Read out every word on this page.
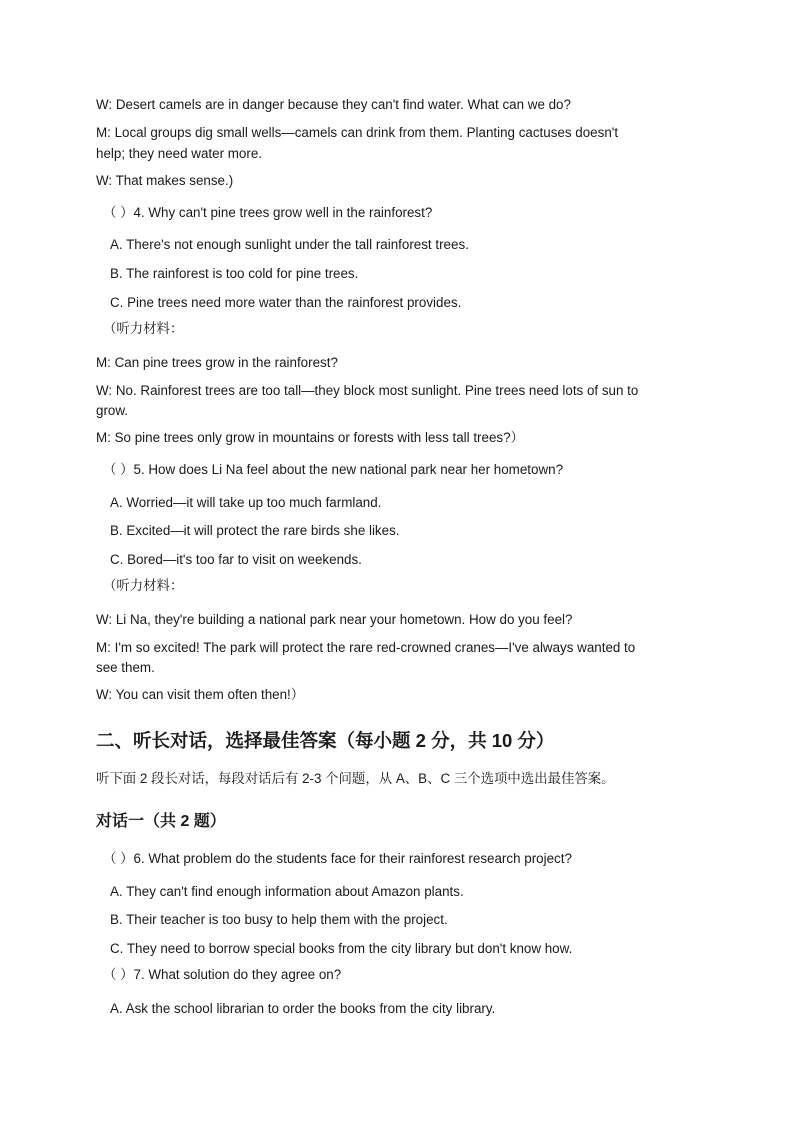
W: Desert camels are in danger because they can't find water. What can we do?
M: Local groups dig small wells—camels can drink from them. Planting cactuses doesn't
help; they need water more.
W: That makes sense.)
（ ）4. Why can't pine trees grow well in the rainforest?
A. There's not enough sunlight under the tall rainforest trees.
B. The rainforest is too cold for pine trees.
C. Pine trees need more water than the rainforest provides.
（听力材料：
M: Can pine trees grow in the rainforest?
W: No. Rainforest trees are too tall—they block most sunlight. Pine trees need lots of sun to
grow.
M: So pine trees only grow in mountains or forests with less tall trees?）
（ ）5. How does Li Na feel about the new national park near her hometown?
A. Worried—it will take up too much farmland.
B. Excited—it will protect the rare birds she likes.
C. Bored—it's too far to visit on weekends.
（听力材料：
W: Li Na, they're building a national park near your hometown. How do you feel?
M: I'm so excited! The park will protect the rare red-crowned cranes—I've always wanted to
see them.
W: You can visit them often then!）
二、听长对话，选择最佳答案（每小题 2 分，共 10 分）
听下面 2 段长对话，每段对话后有 2-3 个问题，从 A、B、C 三个选项中选出最佳答案。
对话一（共 2 题）
（ ）6. What problem do the students face for their rainforest research project?
A. They can't find enough information about Amazon plants.
B. Their teacher is too busy to help them with the project.
C. They need to borrow special books from the city library but don't know how.
（ ）7. What solution do they agree on?
A. Ask the school librarian to order the books from the city library.
